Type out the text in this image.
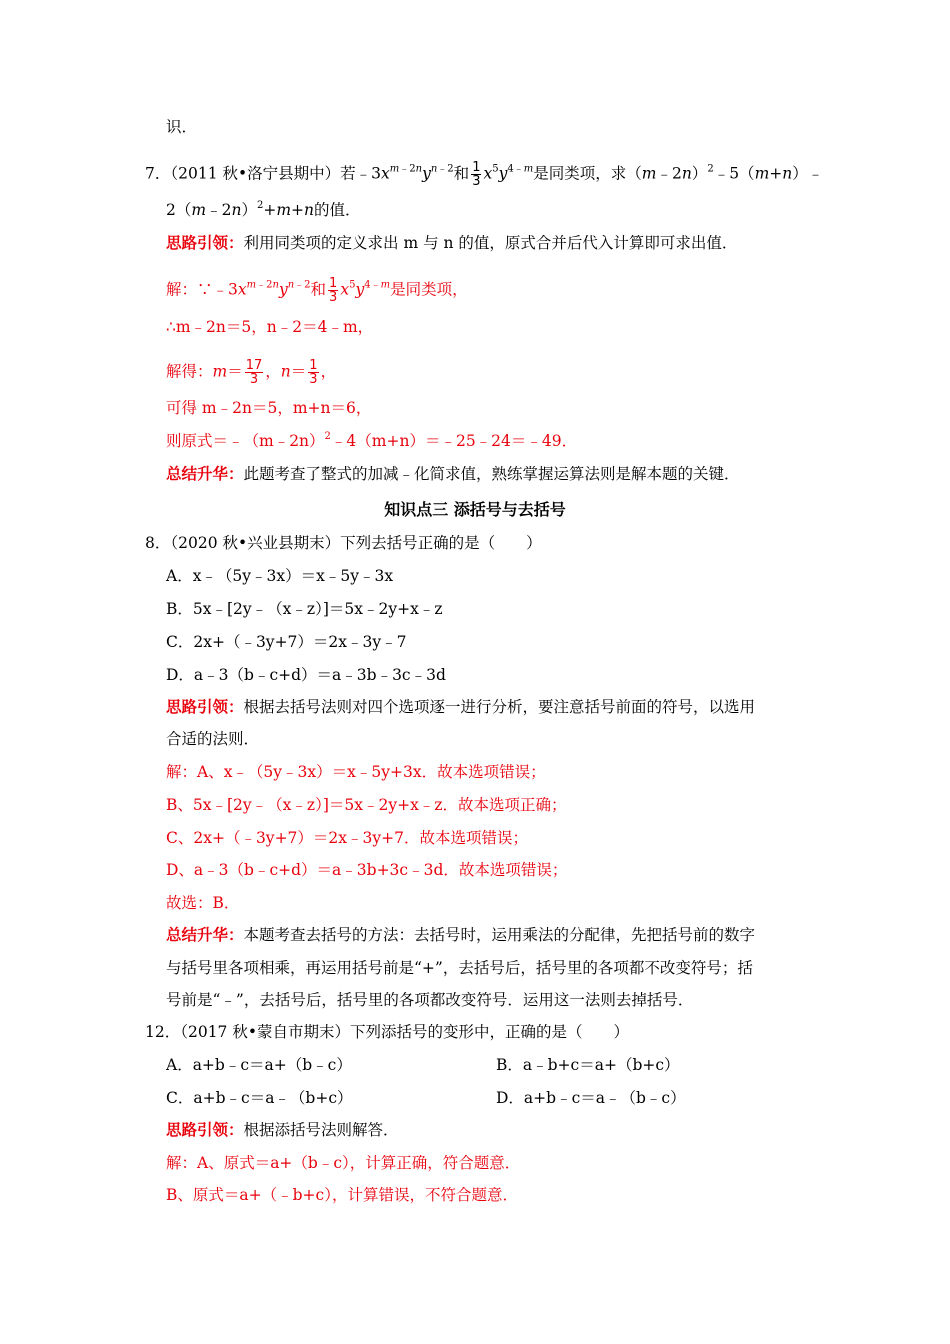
识．
7．（2011 秋•洛宁县期中）若$﹣3x^{m﹣2n}y^{n﹣2}$和 $\frac{1}{3} x^5y^{4﹣m}$是同类项，求（m﹣2n）$^2$﹣5（m+n）﹣
2（m﹣2n）$^2$+m+n的值．
思路引领：利用同类项的定义求出 m 与 n 的值，原式合并后代入计算即可求出值．
解：$\because﹣3x^{m﹣2n}y^{n﹣2}$和 $\frac{1}{3} x^5y^{4﹣m}$是同类项，
∴m﹣2n＝5，n﹣2＝4﹣m，
解得：$m= \frac{17}{3}$ ，$n= \frac{1}{3}$ ，
可得 m﹣2n＝5，m+n＝6，
则原式＝﹣（m﹣2n）$^2$﹣4（m+n）＝﹣25﹣24＝﹣49．
总结升华：此题考查了整式的加减﹣化简求值，熟练掌握运算法则是解本题的关键．
知识点三 添括号与去括号
8．（2020 秋•兴业县期末）下列去括号正确的是（　　）
A．x﹣（5y﹣3x）＝x﹣5y﹣3x
B．5x﹣[2y﹣（x﹣z）]＝5x﹣2y+x﹣z
C．2x+（﹣3y+7）＝2x﹣3y﹣7
D．a﹣3（b﹣c+d）＝a﹣3b﹣3c﹣3d
思路引领：根据去括号法则对四个选项逐一进行分析，要注意括号前面的符号，以选用
合适的法则．
解：A、x﹣（5y﹣3x）＝x﹣5y+3x．故本选项错误；
B、5x﹣[2y﹣（x﹣z）]＝5x﹣2y+x﹣z．故本选项正确；
C、2x+（﹣3y+7）＝2x﹣3y+7．故本选项错误；
D、a﹣3（b﹣c+d）＝a﹣3b+3c﹣3d．故本选项错误；
故选：B．
总结升华：本题考查去括号的方法：去括号时，运用乘法的分配律，先把括号前的数字
与括号里各项相乘，再运用括号前是“+”，去括号后，括号里的各项都不改变符号；括
号前是“﹣”，去括号后，括号里的各项都改变符号．运用这一法则去掉括号．
12．（2017 秋•蒙自市期末）下列添括号的变形中，正确的是（　　）
A．a+b﹣c＝a+（b﹣c）	B．a﹣b+c＝a+（b+c）
C．a+b﹣c＝a﹣（b+c）	D．a+b﹣c＝a﹣（b﹣c）
思路引领：根据添括号法则解答．
解：A、原式＝a+（b﹣c），计算正确，符合题意．
B、原式＝a+（﹣b+c），计算错误，不符合题意．
